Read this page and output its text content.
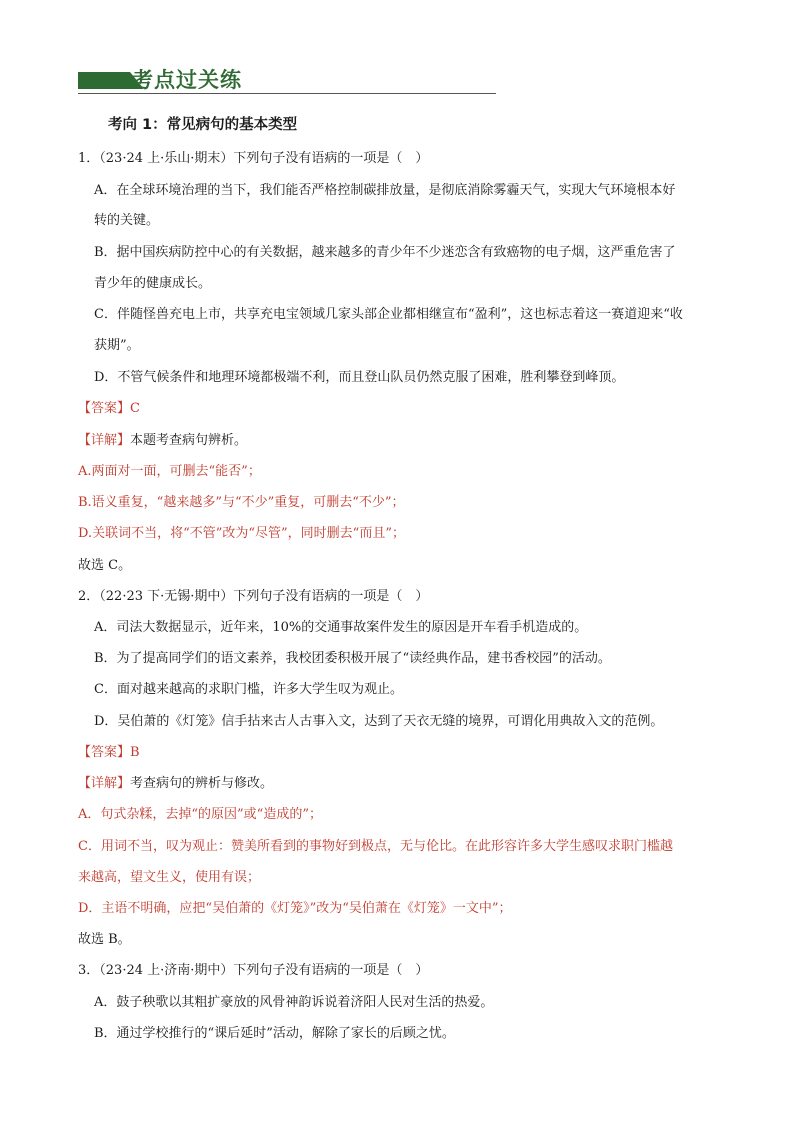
考点过关练
考向 1：常见病句的基本类型
1．（23·24 上·乐山·期末）下列句子没有语病的一项是（　）
A．在全球环境治理的当下，我们能否严格控制碳排放量，是彻底消除雾霾天气，实现大气环境根本好
转的关键。
B．据中国疾病防控中心的有关数据，越来越多的青少年不少迷恋含有致癌物的电子烟，这严重危害了
青少年的健康成长。
C．伴随怪兽充电上市，共享充电宝领域几家头部企业都相继宣布“盈利”，这也标志着这一赛道迎来“收
获期”。
D．不管气候条件和地理环境都极端不利，而且登山队员仍然克服了困难，胜利攀登到峰顶。
【答案】C
【详解】本题考查病句辨析。
A.两面对一面，可删去“能否”；
B.语义重复，“越来越多”与“不少”重复，可删去“不少”；
D.关联词不当，将“不管”改为“尽管”，同时删去“而且”；
故选 C。
2．（22·23 下·无锡·期中）下列句子没有语病的一项是（　）
A．司法大数据显示，近年来，10%的交通事故案件发生的原因是开车看手机造成的。
B．为了提高同学们的语文素养，我校团委积极开展了“读经典作品，建书香校园”的活动。
C．面对越来越高的求职门槛，许多大学生叹为观止。
D．吴伯萧的《灯笼》信手拈来古人古事入文，达到了天衣无缝的境界，可谓化用典故入文的范例。
【答案】B
【详解】考查病句的辨析与修改。
A．句式杂糅，去掉“的原因”或“造成的”；
C．用词不当，叹为观止：赞美所看到的事物好到极点，无与伦比。在此形容许多大学生感叹求职门槛越
来越高，望文生义，使用有误；
D．主语不明确，应把“吴伯萧的《灯笼》”改为“吴伯萧在《灯笼》一文中”；
故选 B。
3．（23·24 上·济南·期中）下列句子没有语病的一项是（　）
A．鼓子秧歌以其粗扩豪放的风骨神韵诉说着济阳人民对生活的热爱。
B．通过学校推行的“课后延时”活动，解除了家长的后顾之忧。
